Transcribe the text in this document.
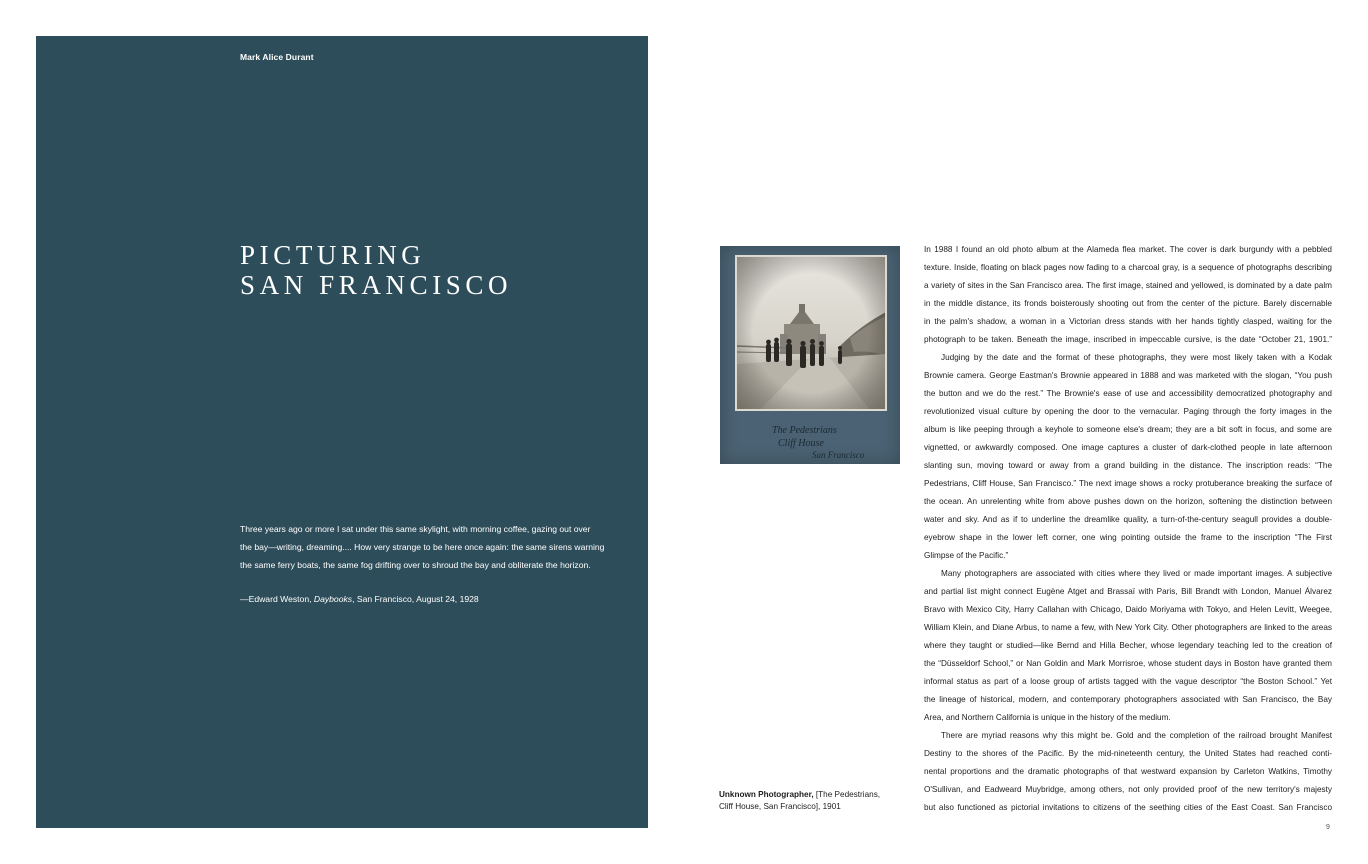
Mark Alice Durant
PICTURING
SAN FRANCISCO
Three years ago or more I sat under this same skylight, with morning coffee, gazing out over
the bay—writing, dreaming.... How very strange to be here once again: the same sirens warning
the same ferry boats, the same fog drifting over to shroud the bay and obliterate the horizon.
—Edward Weston, Daybooks, San Francisco, August 24, 1928
The Pedestrians
Cliff House
San Francisco
Unknown Photographer, [The Pedestrians,
Cliff House, San Francisco], 1901
In 1988 I found an old photo album at the Alameda flea market. The cover is dark burgundy with a pebbled
texture. Inside, floating on black pages now fading to a charcoal gray, is a sequence of photographs describing
a variety of sites in the San Francisco area. The first image, stained and yellowed, is dominated by a date palm
in the middle distance, its fronds boisterously shooting out from the center of the picture. Barely discernable
in the palm's shadow, a woman in a Victorian dress stands with her hands tightly clasped, waiting for the
photograph to be taken. Beneath the image, inscribed in impeccable cursive, is the date “October 21, 1901.”
Judging by the date and the format of these photographs, they were most likely taken with a Kodak
Brownie camera. George Eastman's Brownie appeared in 1888 and was marketed with the slogan, “You push
the button and we do the rest.” The Brownie's ease of use and accessibility democratized photography and
revolutionized visual culture by opening the door to the vernacular. Paging through the forty images in the
album is like peeping through a keyhole to someone else's dream; they are a bit soft in focus, and some are
vignetted, or awkwardly composed. One image captures a cluster of dark-clothed people in late afternoon
slanting sun, moving toward or away from a grand building in the distance. The inscription reads: “The
Pedestrians, Cliff House, San Francisco.” The next image shows a rocky protuberance breaking the surface of
the ocean. An unrelenting white from above pushes down on the horizon, softening the distinction between
water and sky. And as if to underline the dreamlike quality, a turn-of-the-century seagull provides a double-
eyebrow shape in the lower left corner, one wing pointing outside the frame to the inscription “The First
Glimpse of the Pacific.”
Many photographers are associated with cities where they lived or made important images. A subjective
and partial list might connect Eugène Atget and Brassaï with Paris, Bill Brandt with London, Manuel Álvarez
Bravo with Mexico City, Harry Callahan with Chicago, Daido Moriyama with Tokyo, and Helen Levitt, Weegee,
William Klein, and Diane Arbus, to name a few, with New York City. Other photographers are linked to the areas
where they taught or studied—like Bernd and Hilla Becher, whose legendary teaching led to the creation of
the “Düsseldorf School,” or Nan Goldin and Mark Morrisroe, whose student days in Boston have granted them
informal status as part of a loose group of artists tagged with the vague descriptor “the Boston School.” Yet
the lineage of historical, modern, and contemporary photographers associated with San Francisco, the Bay
Area, and Northern California is unique in the history of the medium.
There are myriad reasons why this might be. Gold and the completion of the railroad brought Manifest
Destiny to the shores of the Pacific. By the mid-nineteenth century, the United States had reached conti-
nental proportions and the dramatic photographs of that westward expansion by Carleton Watkins, Timothy
O'Sullivan, and Eadweard Muybridge, among others, not only provided proof of the new territory's majesty
but also functioned as pictorial invitations to citizens of the seething cities of the East Coast. San Francisco
9
